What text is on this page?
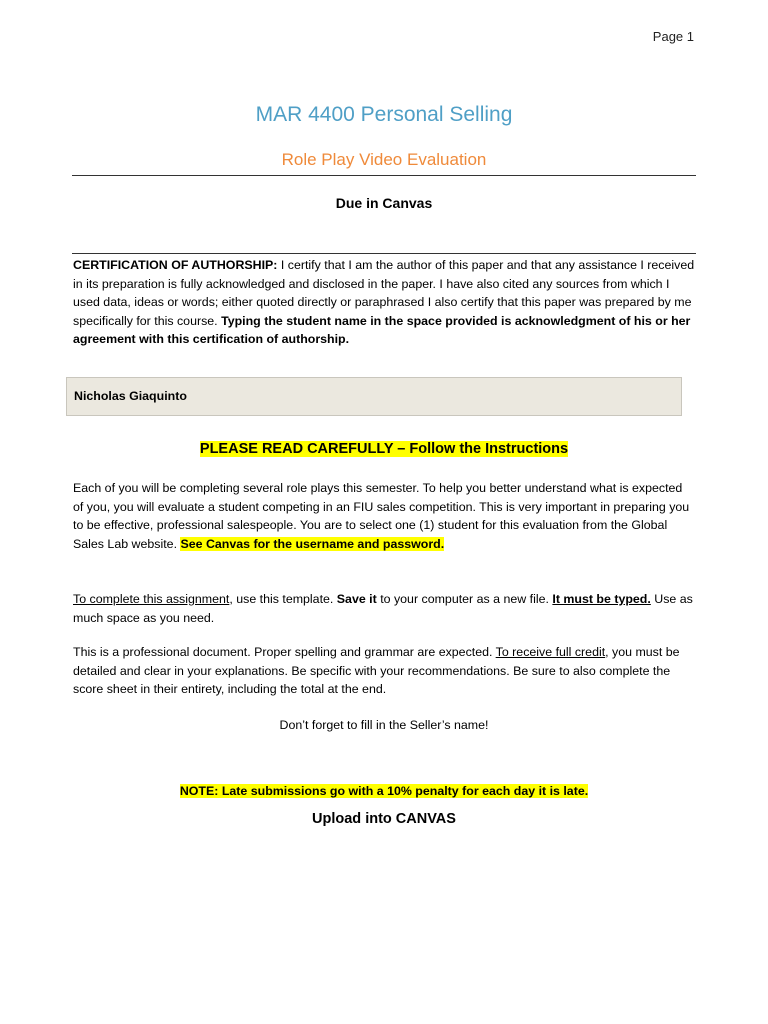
Page 1
MAR 4400 Personal Selling
Role Play Video Evaluation
Due in Canvas
CERTIFICATION OF AUTHORSHIP: I certify that I am the author of this paper and that any assistance I received in its preparation is fully acknowledged and disclosed in the paper. I have also cited any sources from which I used data, ideas or words; either quoted directly or paraphrased I also certify that this paper was prepared by me specifically for this course. Typing the student name in the space provided is acknowledgment of his or her agreement with this certification of authorship.
Nicholas Giaquinto
PLEASE READ CAREFULLY – Follow the Instructions
Each of you will be completing several role plays this semester. To help you better understand what is expected of you, you will evaluate a student competing in an FIU sales competition. This is very important in preparing you to be effective, professional salespeople. You are to select one (1) student for this evaluation from the Global Sales Lab website. See Canvas for the username and password.
To complete this assignment, use this template. Save it to your computer as a new file. It must be typed. Use as much space as you need.
This is a professional document. Proper spelling and grammar are expected. To receive full credit, you must be detailed and clear in your explanations. Be specific with your recommendations. Be sure to also complete the score sheet in their entirety, including the total at the end.
Don’t forget to fill in the Seller’s name!
NOTE: Late submissions go with a 10% penalty for each day it is late.
Upload into CANVAS
